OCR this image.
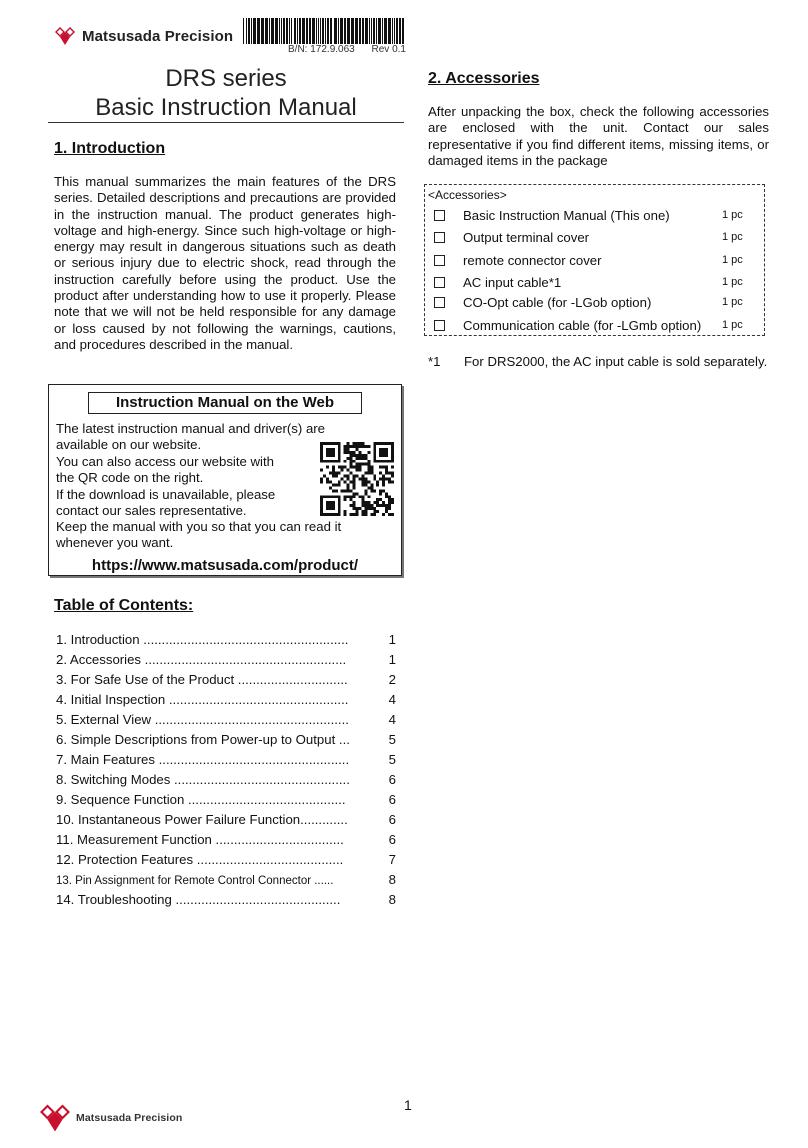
Matsusada Precision
B/N: 172.9.063 Rev 0.1
DRS series
Basic Instruction Manual
1. Introduction
This manual summarizes the main features of the DRS series. Detailed descriptions and precautions are provided in the instruction manual. The product generates high-voltage and high-energy. Since such high-voltage or high-energy may result in dangerous situations such as death or serious injury due to electric shock, read through the instruction carefully before using the product. Use the product after understanding how to use it properly. Please note that we will not be held responsible for any damage or loss caused by not following the warnings, cautions, and procedures described in the manual.
Instruction Manual on the Web
The latest instruction manual and driver(s) are
available on our website.
You can also access our website with
the QR code on the right.
If the download is unavailable, please
contact our sales representative.
Keep the manual with you so that you can read it
whenever you want.
https://www.matsusada.com/product/
Table of Contents:
1. Introduction ........................................................	1
2. Accessories .......................................................	1
3. For Safe Use of the Product ..............................	2
4. Initial Inspection .................................................	4
5. External View .....................................................	4
6. Simple Descriptions from Power-up to Output ...	5
7. Main Features ....................................................	5
8. Switching Modes ................................................	6
9. Sequence Function ...........................................	6
10. Instantaneous Power Failure Function.............	6
11. Measurement Function ...................................	6
12. Protection Features ........................................	7
13. Pin Assignment for Remote Control Connector ......	8
14. Troubleshooting .............................................	8
2. Accessories
After unpacking the box, check the following accessories are enclosed with the unit. Contact our sales representative if you find different items, missing items, or damaged items in the package
<Accessories>
Basic Instruction Manual (This one)	1 pc
Output terminal cover	1 pc
remote connector cover	1 pc
AC input cable*1	1 pc
CO-Opt cable (for -LGob option)	1 pc
Communication cable (for -LGmb option)	1 pc
*1	For DRS2000, the AC input cable is sold separately.
Matsusada Precision
1
